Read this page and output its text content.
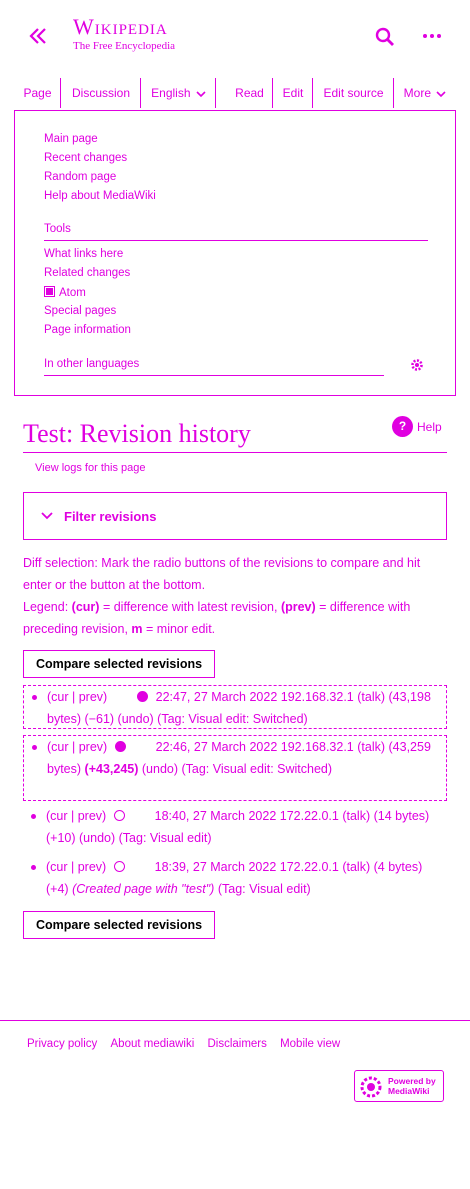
Wikipedia
The Free Encyclopedia
Page	Discussion	English	Read	Edit	Edit source	More
Main page
Recent changes
Random page
Help about MediaWiki
Tools
What links here
Related changes
Atom
Special pages
Page information
In other languages
Test: Revision history	? Help
View logs for this page
Filter revisions
Diff selection: Mark the radio buttons of the revisions to compare and hit enter or the button at the bottom.
Legend: (cur) = difference with latest revision, (prev) = difference with preceding revision, m = minor edit.
Compare selected revisions
(cur | prev)	22:47, 27 March 2022 192.168.32.1 (talk) (43,198 bytes) (−61) (undo) (Tag: Visual edit: Switched)
(cur | prev)	22:46, 27 March 2022 192.168.32.1 (talk) (43,259 bytes) (+43,245) (undo) (Tag: Visual edit: Switched)
(cur | prev)	18:40, 27 March 2022 172.22.0.1 (talk) (14 bytes) (+10) (undo) (Tag: Visual edit)
(cur | prev)	18:39, 27 March 2022 172.22.0.1 (talk) (4 bytes) (+4) (Created page with "test") (Tag: Visual edit)
Compare selected revisions
Privacy policy About mediawiki Disclaimers Mobile view
Powered by
MediaWiki
